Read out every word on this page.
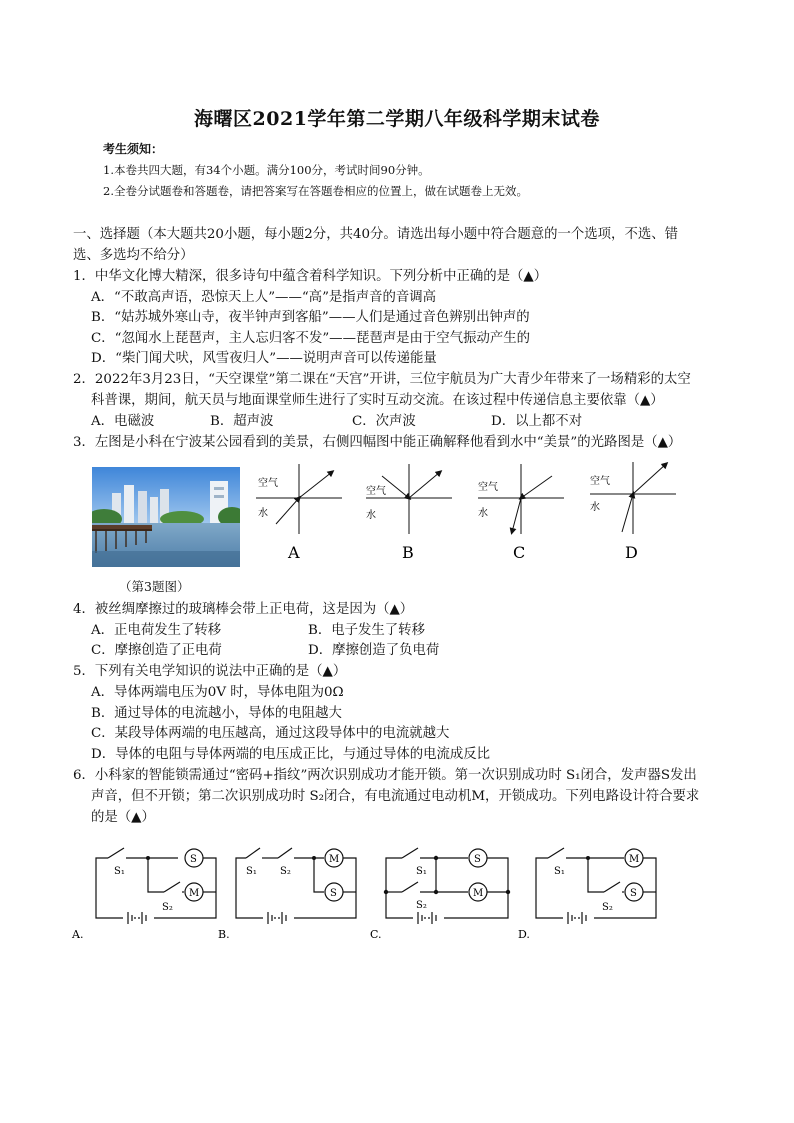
海曙区2021学年第二学期八年级科学期末试卷
考生须知：
1.本卷共四大题，有34个小题。满分100分，考试时间90分钟。
2.全卷分试题卷和答题卷，请把答案写在答题卷相应的位置上，做在试题卷上无效。
一、选择题（本大题共20小题，每小题2分，共40分。请选出每小题中符合题意的一个选项，不选、错
选、多选均不给分）
1．中华文化博大精深，很多诗句中蕴含着科学知识。下列分析中正确的是（▲）
A．“不敢高声语，恐惊天上人”——“高”是指声音的音调高
B．“姑苏城外寒山寺，夜半钟声到客船”——人们是通过音色辨别出钟声的
C．“忽闻水上琵琶声，主人忘归客不发”——琵琶声是由于空气振动产生的
D．“柴门闻犬吠，风雪夜归人”——说明声音可以传递能量
2．2022年3月23日，“天空课堂”第二课在“天宫”开讲，三位宇航员为广大青少年带来了一场精彩的太空
科普课，期间，航天员与地面课堂师生进行了实时互动交流。在该过程中传递信息主要依靠（▲）
A．电磁波	B．超声波	C．次声波	D．以上都不对
3．左图是小科在宁波某公园看到的美景，右侧四幅图中能正确解释他看到水中“美景”的光路图是（▲）
（第3题图）
空气
水
空气
水
空气
水
空气
水
A	B	C	D
4．被丝绸摩擦过的玻璃棒会带上正电荷，这是因为（▲）
A．正电荷发生了转移	B．电子发生了转移
C．摩擦创造了正电荷	D．摩擦创造了负电荷
5．下列有关电学知识的说法中正确的是（▲）
A．导体两端电压为0V 时，导体电阻为0Ω
B．通过导体的电流越小，导体的电阻越大
C．某段导体两端的电压越高，通过这段导体中的电流就越大
D．导体的电阻与导体两端的电压成正比，与通过导体的电流成反比
6．小科家的智能锁需通过“密码+指纹”两次识别成功才能开锁。第一次识别成功时 S₁闭合，发声器S发出
声音，但不开锁；第二次识别成功时 S₂闭合，有电流通过电动机M，开锁成功。下列电路设计符合要求
的是（▲）
S₁
S₂
S
M
S₁ S₂
M
S
S₁
S₂
S
M
S₁
S₂
M
S
A.	B.	C.	D.
